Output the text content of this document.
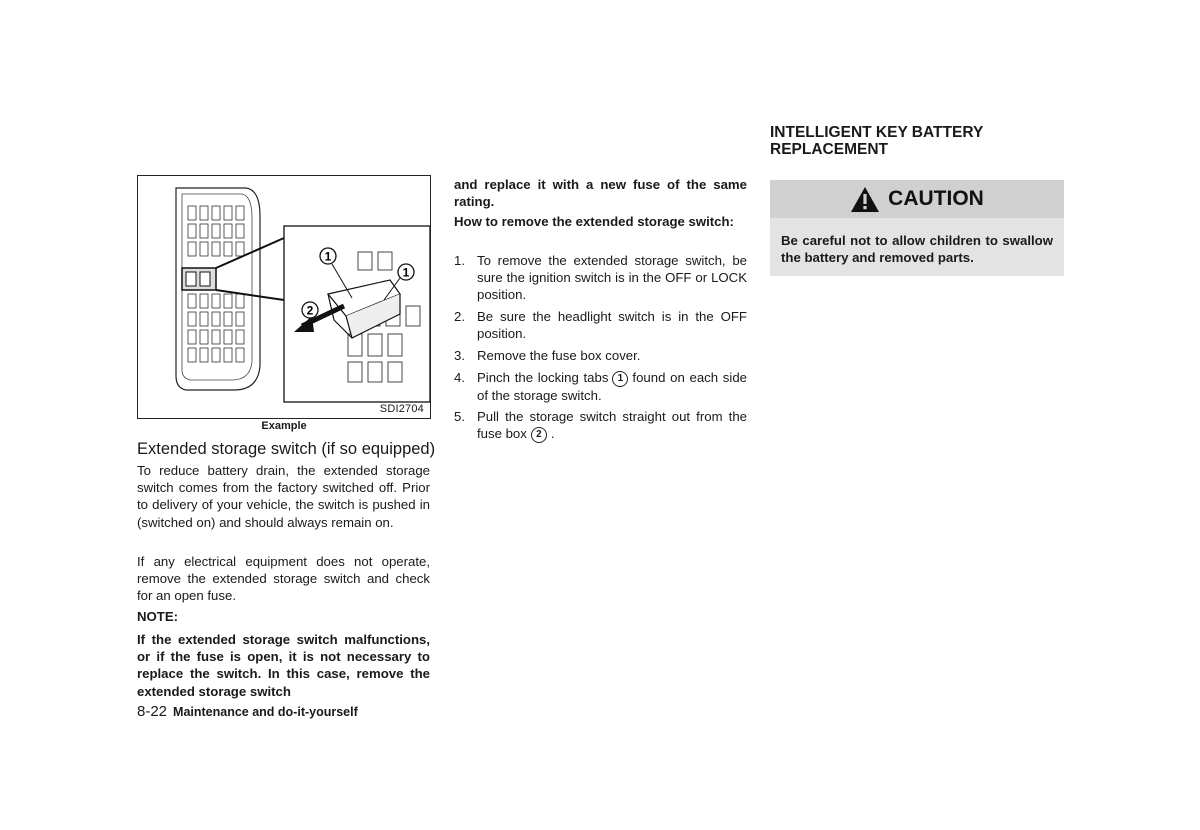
1
1
2
SDI2704
Example
Extended storage switch (if so equipped)

To reduce battery drain, the extended storage switch comes from the factory switched off. Prior to delivery of your vehicle, the switch is pushed in (switched on) and should always remain on.

If any electrical equipment does not operate, remove the extended storage switch and check for an open fuse.

NOTE:

If the extended storage switch malfunctions, or if the fuse is open, it is not necessary to replace the switch. In this case, remove the extended storage switch

8-22 Maintenance and do-it-yourself

and replace it with a new fuse of the same rating.

How to remove the extended storage switch:
1. To remove the extended storage switch, be sure the ignition switch is in the OFF or LOCK position.
2. Be sure the headlight switch is in the OFF position.
3. Remove the fuse box cover.
4. Pinch the locking tabs 1 found on each side of the storage switch.
5. Pull the storage switch straight out from the fuse box 2 .
INTELLIGENT KEY BATTERY REPLACEMENT
CAUTION

Be careful not to allow children to swallow the battery and removed parts.
